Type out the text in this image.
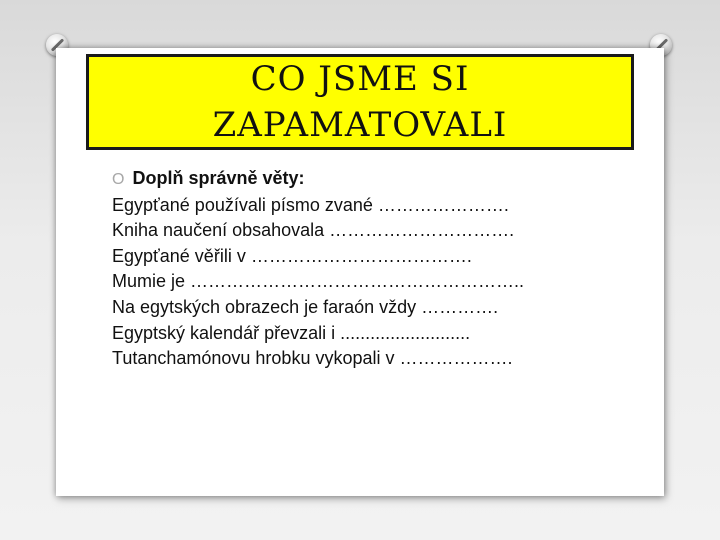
CO JSME SI
ZAPAMATOVALI
O Doplň správně věty:
Egypťané používali písmo zvané ………………….
Kniha naučení obsahovala ………………………….
Egypťané věřili v ……………………………….
Mumie je ………………………………………………..
Na egytských obrazech je faraón vždy ………….
Egyptský kalendář převzali i ..........................
Tutanchamónovu hrobku vykopali v ……………….
